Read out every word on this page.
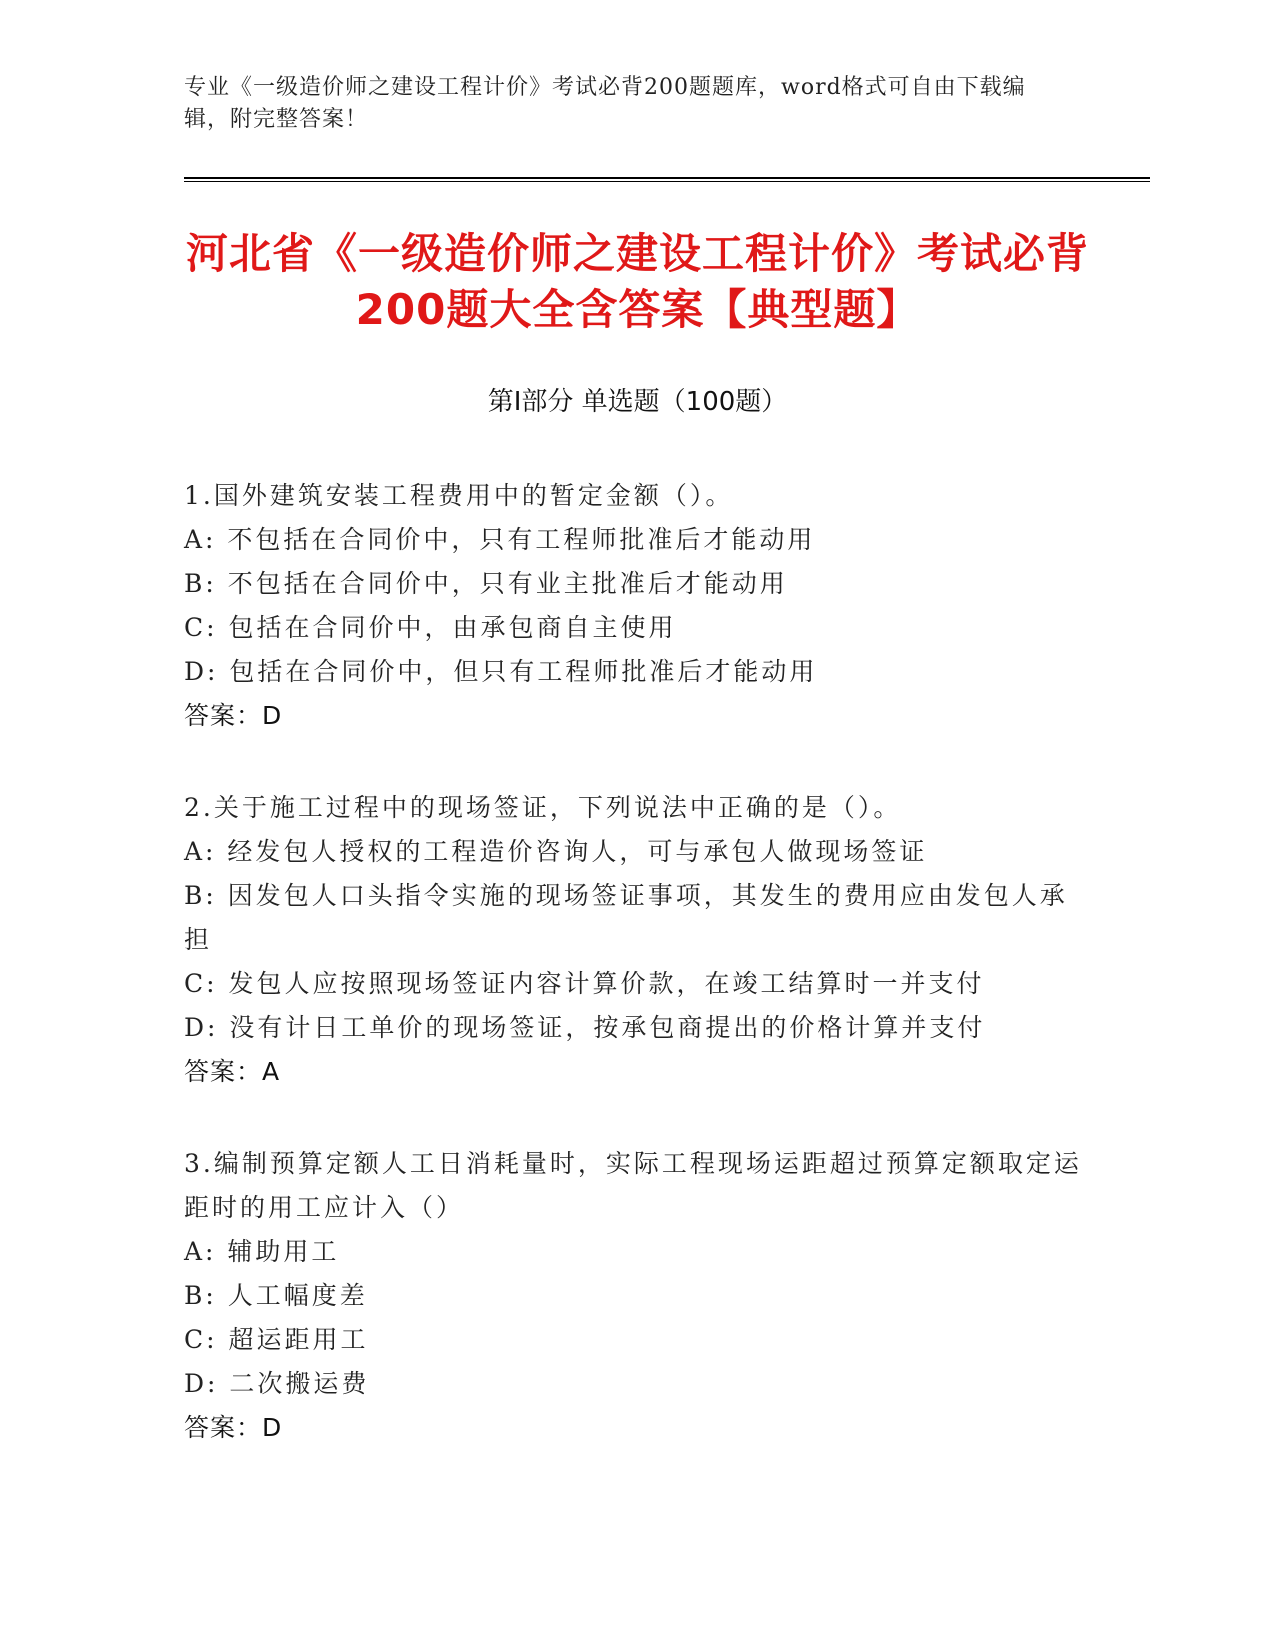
专业《一级造价师之建设工程计价》考试必背200题题库，word格式可自由下载编辑，附完整答案！
河北省《一级造价师之建设工程计价》考试必背200题大全含答案【典型题】
第I部分 单选题（100题）
1.国外建筑安装工程费用中的暂定金额（）。
A: 不包括在合同价中，只有工程师批准后才能动用
B: 不包括在合同价中，只有业主批准后才能动用
C: 包括在合同价中，由承包商自主使用
D: 包括在合同价中，但只有工程师批准后才能动用
答案：D
2.关于施工过程中的现场签证，下列说法中正确的是（）。
A: 经发包人授权的工程造价咨询人，可与承包人做现场签证
B: 因发包人口头指令实施的现场签证事项，其发生的费用应由发包人承担
C: 发包人应按照现场签证内容计算价款，在竣工结算时一并支付
D: 没有计日工单价的现场签证，按承包商提出的价格计算并支付
答案：A
3.编制预算定额人工日消耗量时，实际工程现场运距超过预算定额取定运距时的用工应计入（）
A: 辅助用工
B: 人工幅度差
C: 超运距用工
D: 二次搬运费
答案：D
